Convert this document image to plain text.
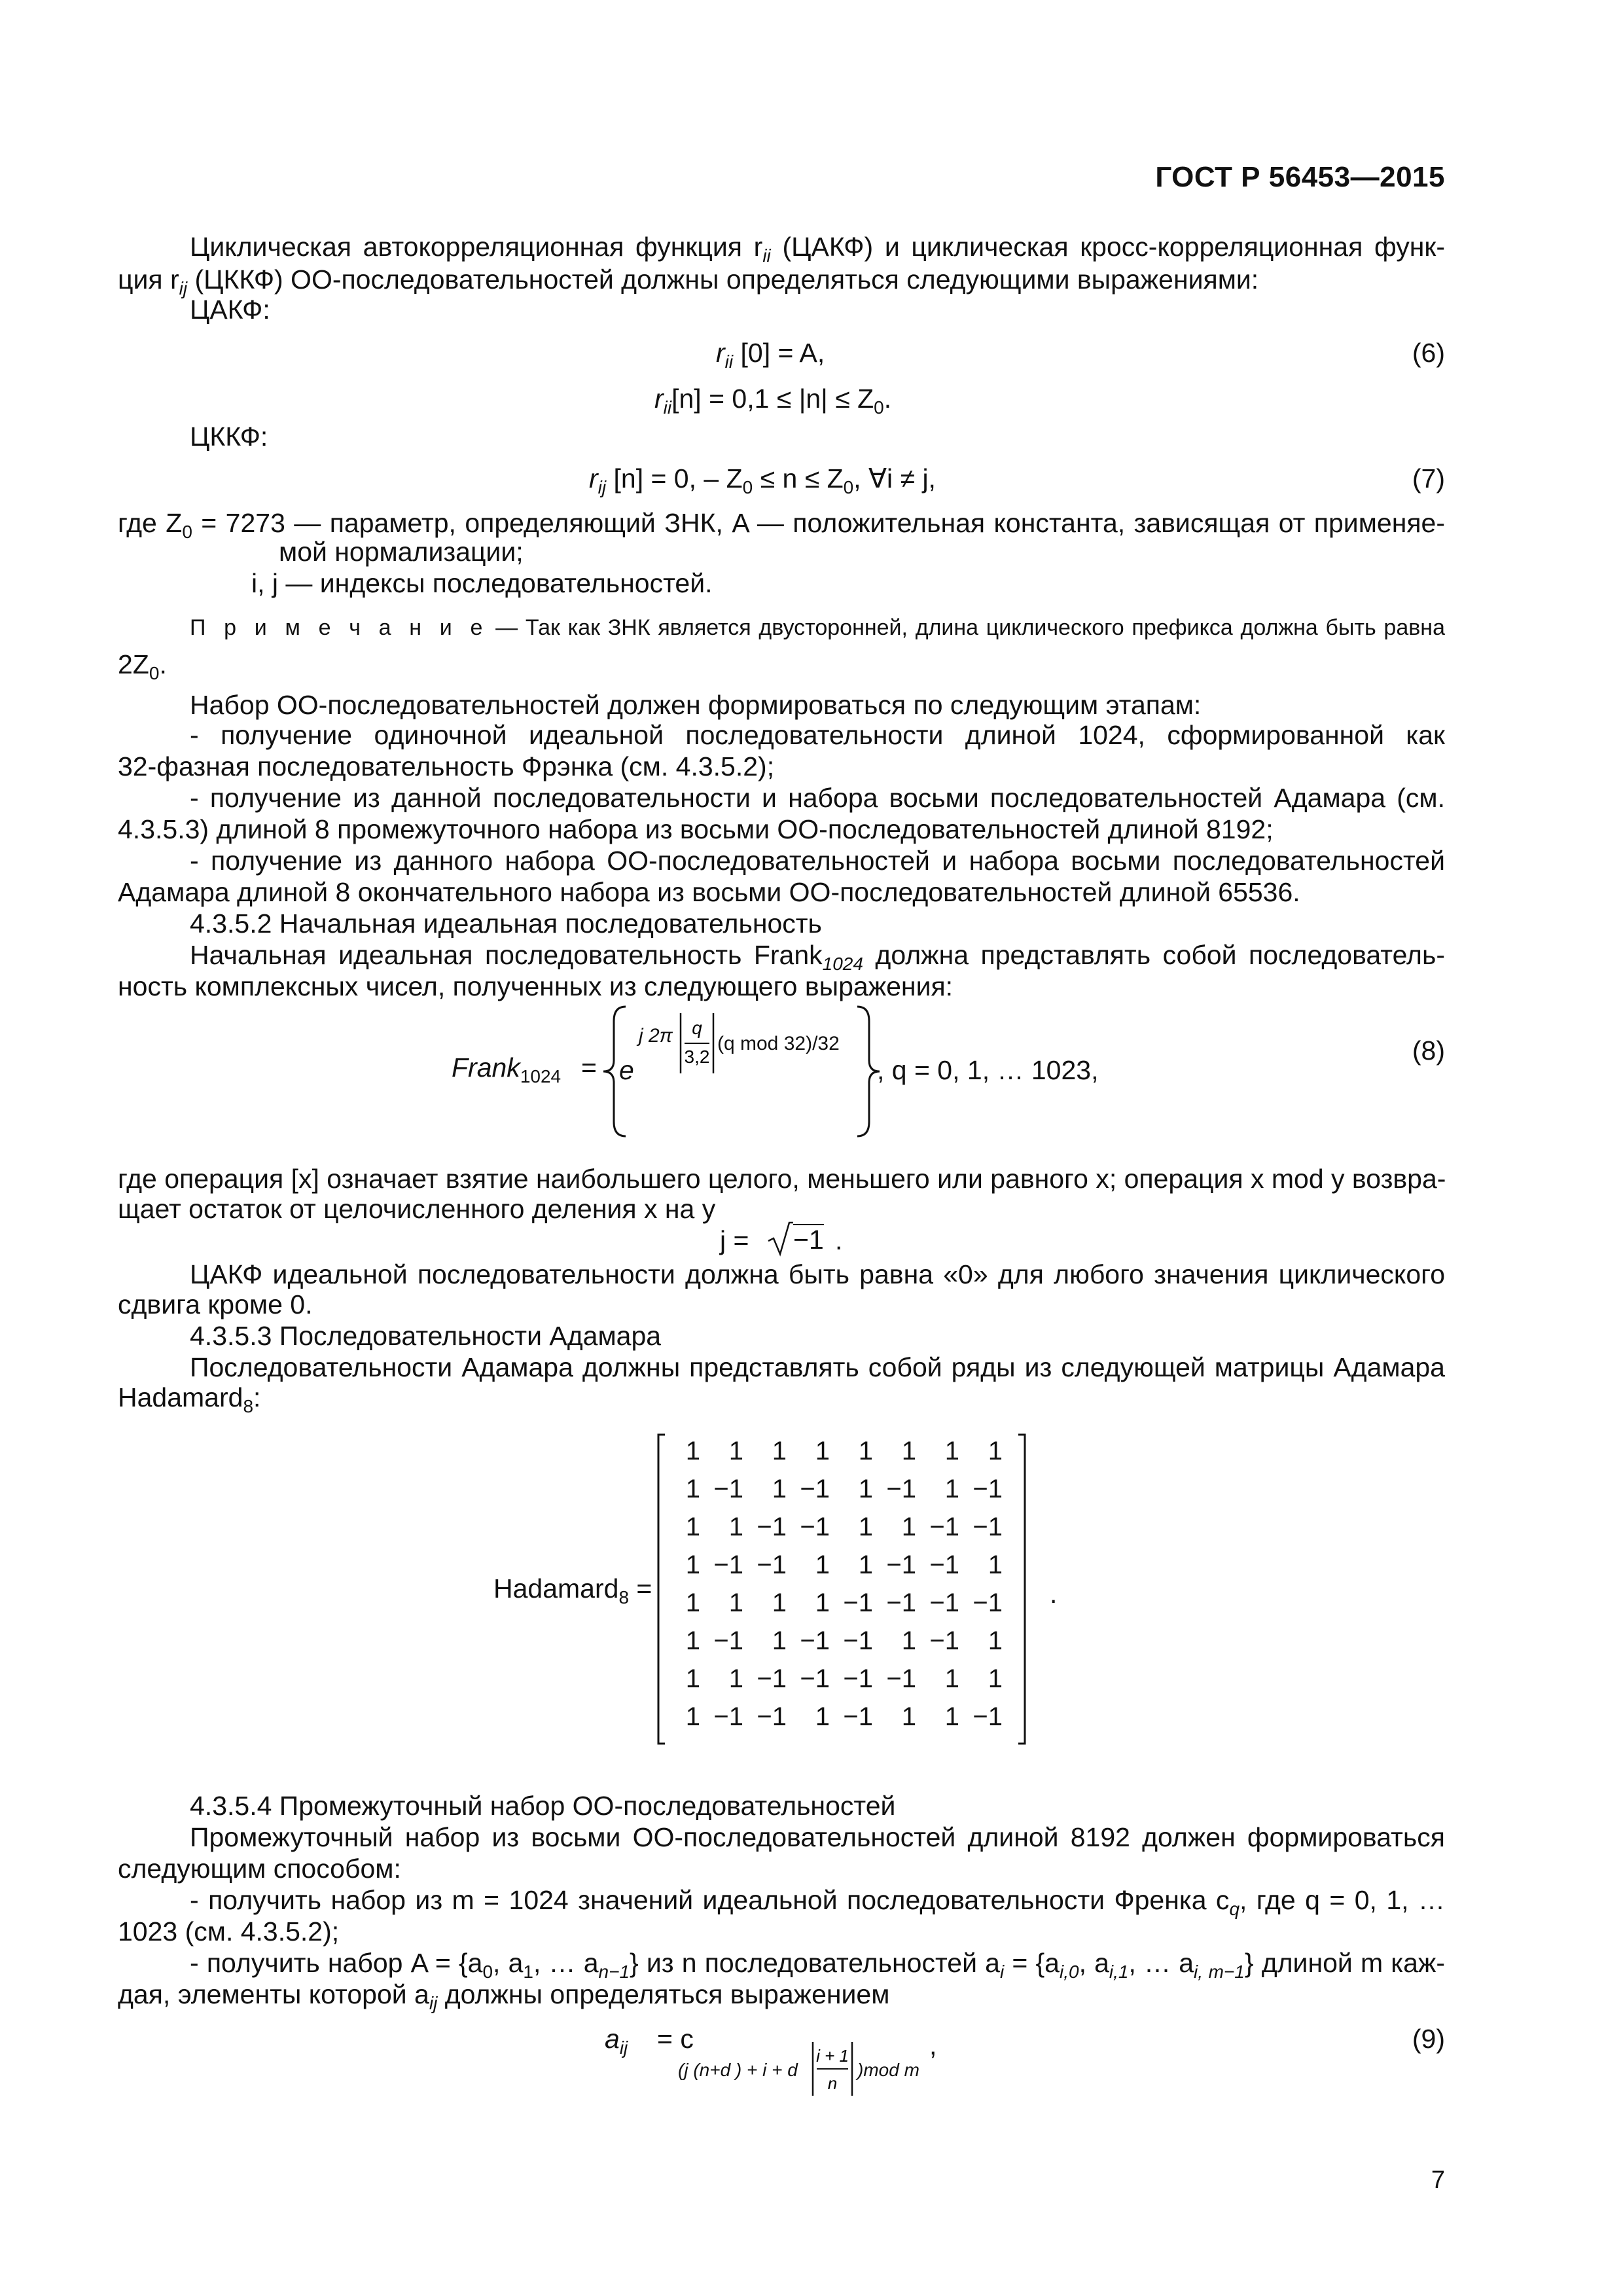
ГОСТ Р 56453—2015
Циклическая автокорреляционная функция $r_{ii}$ (ЦАКФ) и циклическая кросс-корреляционная функ-
ция $r_{ij}$ (ЦККФ) ОО-последовательностей должны определяться следующими выражениями:
ЦАКФ:
$r_{ii}$ [0] = A,	(6)
$r_{ii}[n] = 0,1 \le |n| \le Z_0$.
ЦККФ:
$r_{ij}$ [n] = 0, – $Z_0 \le n \le Z_0$, ∀i ≠ j,	(7)
где $Z_0 = 7273$ — параметр, определяющий ЗНК, A — положительная константа, зависящая от применяе-
мой нормализации;
i, j — индексы последовательностей.
П р и м е ч а н и е — Так как ЗНК является двусторонней, длина циклического префикса должна быть равна
$2Z_0$.
Набор ОО-последовательностей должен формироваться по следующим этапам:
- получение одиночной идеальной последовательности длиной 1024, сформированной как
32-фазная последовательность Фрэнка (см. 4.3.5.2);
- получение из данной последовательности и набора восьми последовательностей Адамара (см.
4.3.5.3) длиной 8 промежуточного набора из восьми ОО-последовательностей длиной 8192;
- получение из данного набора ОО-последовательностей и набора восьми последовательностей
Адамара длиной 8 окончательного набора из восьми ОО-последовательностей длиной 65536.
4.3.5.2 Начальная идеальная последовательность
Начальная идеальная последовательность Frank$_{1024}$ должна представлять собой последователь-
ность комплексных чисел, полученных из следующего выражения:
Frank$_{1024}$ = e
j 2π q
3,2
(q mod 32)/32
, q = 0, 1, … 1023,
(8)
где операция [x] означает взятие наибольшего целого, меньшего или равного x; операция x mod y возвра-
щает остаток от целочисленного деления x на y
j = −1 .
ЦАКФ идеальной последовательности должна быть равна «0» для любого значения циклического
сдвига кроме 0.
4.3.5.3 Последовательности Адамара
Последовательности Адамара должны представлять собой ряды из следующей матрицы Адамара
Hadamard$_8$:
Hadamard$_8$ =
1 1 1 1 1 1 1 1
1 −1 1 −1 1 −1 1 −1
1 1 −1 −1 1 1 −1 −1
1 −1 −1 1 1 −1 −1 1
1 1 1 1 −1 −1 −1 −1
1 −1 1 −1 −1 1 −1 1
1 1 −1 −1 −1 −1 1 1
1 −1 −1 1 −1 1 1 −1
.
4.3.5.4 Промежуточный набор ОО-последовательностей
Промежуточный набор из восьми ОО-последовательностей длиной 8192 должен формироваться
следующим способом:
- получить набор из m = 1024 значений идеальной последовательности Френка $c_q$, где q = 0, 1, …
1023 (см. 4.3.5.2);
- получить набор $A = \{a_0$, $a_1$, … $a_{n-1}$} из n последовательностей $a_i = \{a_{i,0}$, $a_{i,1}$, … $a_{i, m-1}$} длиной m каж-
дая, элементы которой $a_{ij}$ должны определяться выражением
$a_{ij} = c$
(j (n+d ) + i + d
i + 1
n
)mod m
,	(9)
7
